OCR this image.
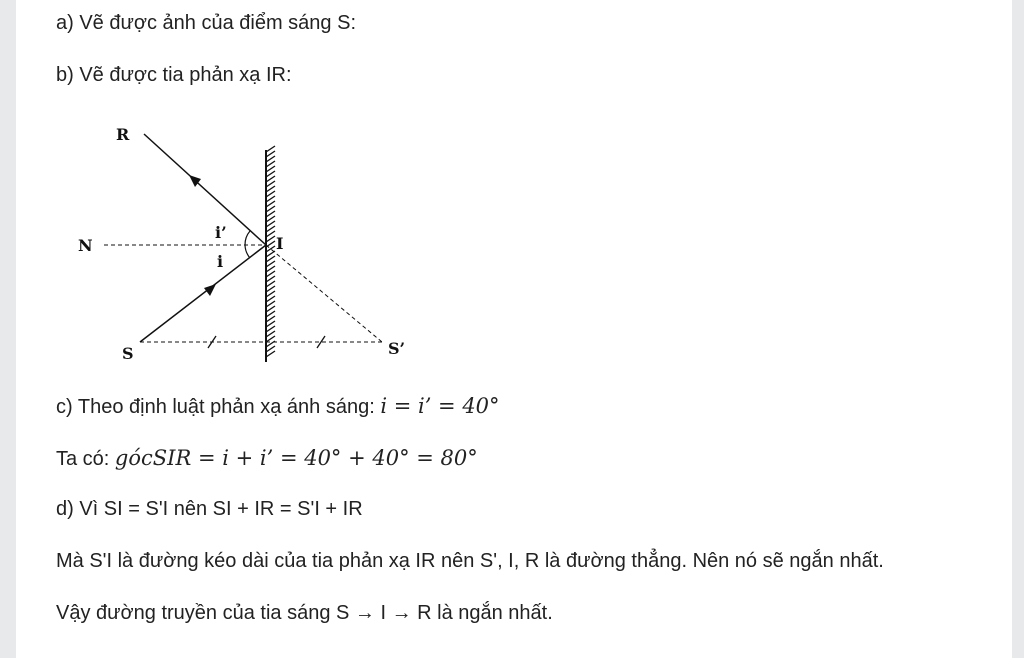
a) Vẽ được ảnh của điểm sáng S:

b) Vẽ được tia phản xạ IR:

R
N	I
S	S’
i’
i

c) Theo định luật phản xạ ánh sáng: i = i’ = 40°

Ta có: gócSIR = i + i’ = 40° + 40° = 80°

d) Vì SI = S'I nên SI + IR = S'I + IR

Mà S'I là đường kéo dài của tia phản xạ IR nên S', I, R là đường thẳng. Nên nó sẽ ngắn nhất.

Vậy đường truyền của tia sáng S → I → R là ngắn nhất.
